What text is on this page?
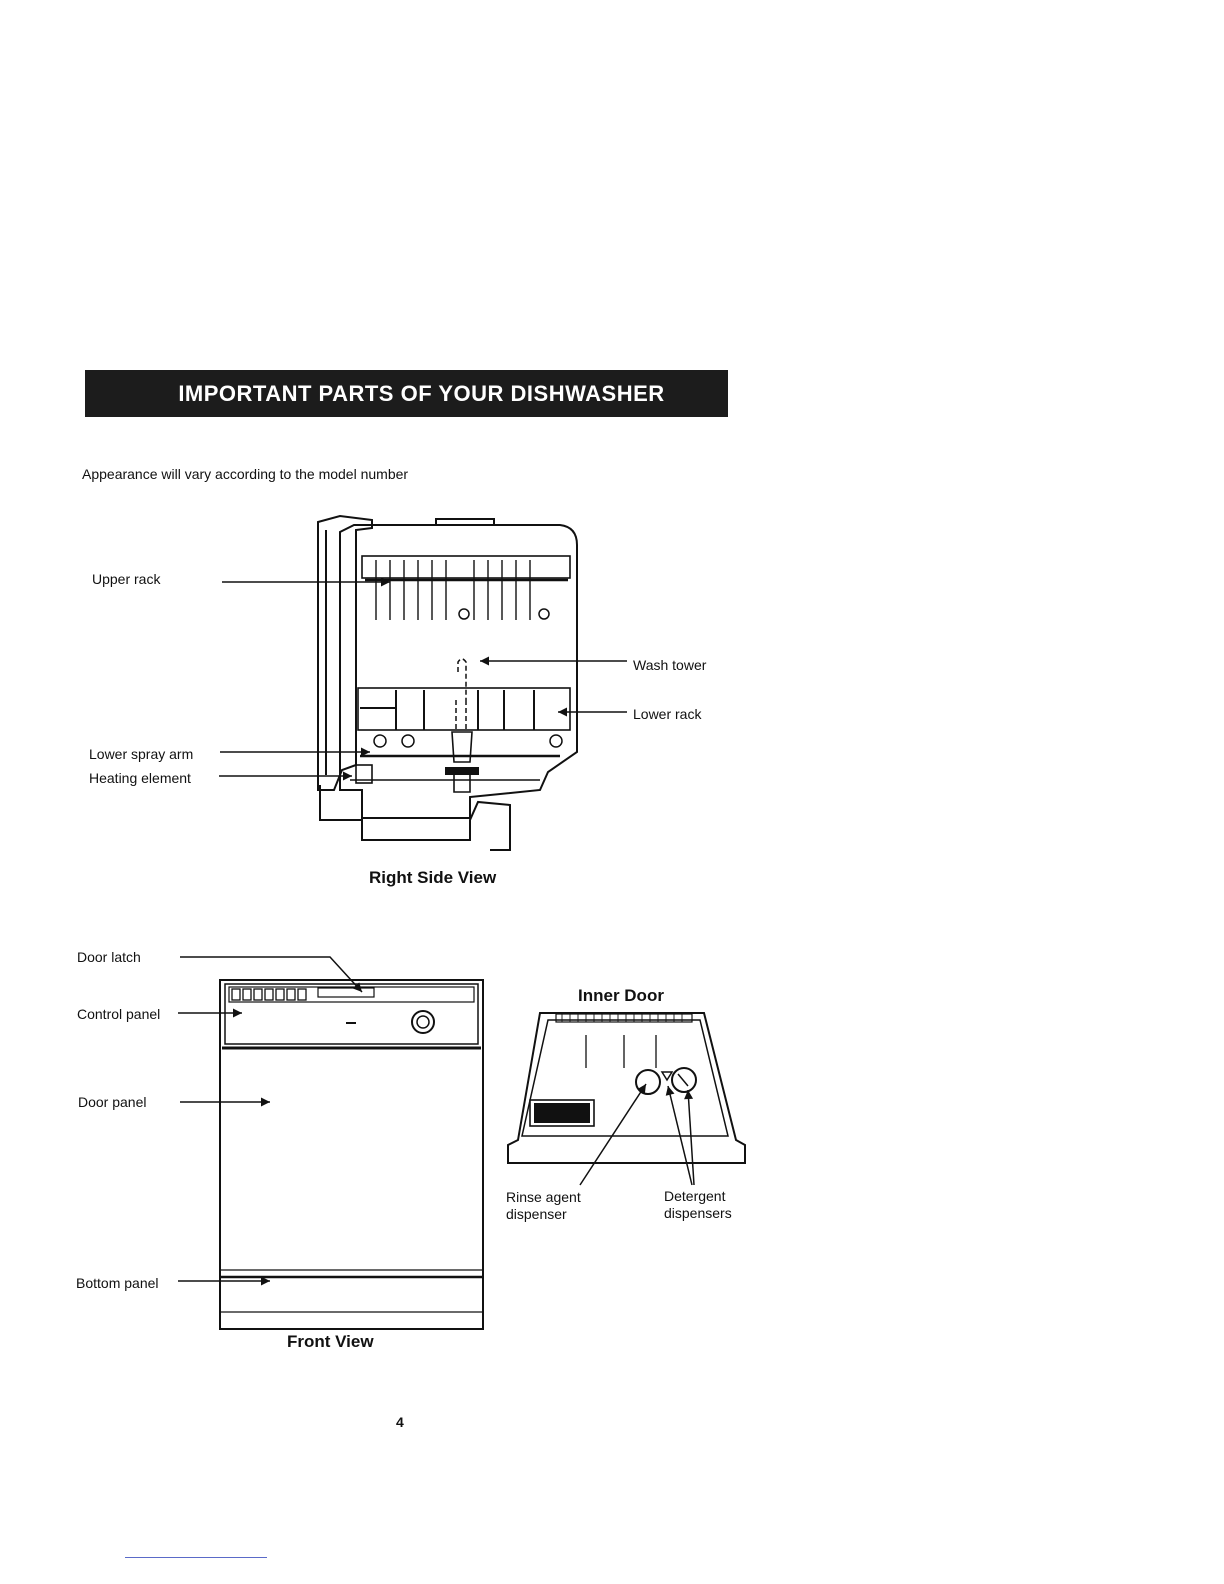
IMPORTANT PARTS OF YOUR DISHWASHER
Appearance will vary according to the model number
Upper rack
Wash tower
Lower rack
Lower spray arm
Heating element
Right Side View
Door latch
Control panel
Door panel
Bottom panel
Front View
Inner Door
Rinse agent
dispenser
Detergent
dispensers
4
